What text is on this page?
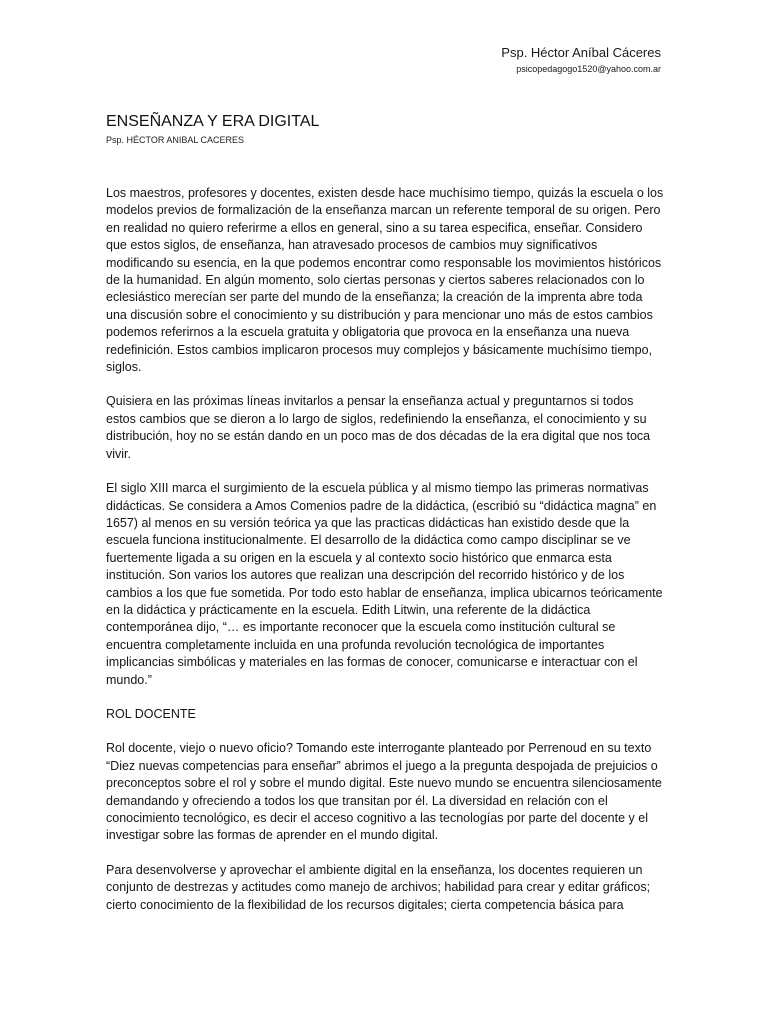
Psp. Héctor Aníbal Cáceres
psicopedagogo1520@yahoo.com.ar
ENSEÑANZA Y ERA DIGITAL
Psp. HÉCTOR ANIBAL CACERES

Los maestros, profesores y docentes, existen desde hace muchísimo tiempo, quizás la escuela o los modelos previos de formalización de la enseñanza marcan un referente temporal de su origen. Pero en realidad no quiero referirme a ellos en general, sino a su tarea especifica, enseñar. Considero que estos siglos, de enseñanza, han atravesado procesos de cambios muy significativos modificando su esencia, en la que podemos encontrar como responsable los movimientos históricos de la humanidad. En algún momento, solo ciertas personas y ciertos saberes relacionados con lo eclesiástico merecían ser parte del mundo de la enseñanza; la creación de la imprenta abre toda una discusión sobre el conocimiento y su distribución y para mencionar uno más de estos cambios podemos referirnos a la escuela gratuita y obligatoria que provoca en la enseñanza una nueva redefinición. Estos cambios implicaron procesos muy complejos y básicamente muchísimo tiempo, siglos.

Quisiera en las próximas líneas invitarlos a pensar la enseñanza actual y preguntarnos si todos estos cambios que se dieron a lo largo de siglos, redefiniendo la enseñanza, el conocimiento y su distribución, hoy no se están dando en un poco mas de dos décadas de la era digital que nos toca vivir.

El siglo XIII marca el surgimiento de la escuela pública y al mismo tiempo las primeras normativas didácticas. Se considera a Amos Comenios padre de la didáctica, (escribió su “didáctica magna” en 1657) al menos en su versión teórica ya que las practicas didácticas han existido desde que la escuela funciona institucionalmente. El desarrollo de la didáctica como campo disciplinar se ve fuertemente ligada a su origen en la escuela y al contexto socio histórico que enmarca esta institución. Son varios los autores que realizan una descripción del recorrido histórico y de los cambios a los que fue sometida. Por todo esto hablar de enseñanza, implica ubicarnos teóricamente en la didáctica y prácticamente en la escuela. Edith Litwin, una referente de la didáctica contemporánea dijo, “… es importante reconocer que la escuela como institución cultural se encuentra completamente incluida en una profunda revolución tecnológica de importantes implicancias simbólicas y materiales en las formas de conocer, comunicarse e interactuar con el mundo.”

ROL DOCENTE

Rol docente, viejo o nuevo oficio? Tomando este interrogante planteado por Perrenoud en su texto “Diez nuevas competencias para enseñar” abrimos el juego a la pregunta despojada de prejuicios o preconceptos sobre el rol y sobre el mundo digital. Este nuevo mundo se encuentra silenciosamente demandando y ofreciendo a todos los que transitan por él. La diversidad en relación con el conocimiento tecnológico, es decir el acceso cognitivo a las tecnologías por parte del docente y el investigar sobre las formas de aprender en el mundo digital.

Para desenvolverse y aprovechar el ambiente digital en la enseñanza, los docentes requieren un conjunto de destrezas y actitudes como manejo de archivos; habilidad para crear y editar gráficos; cierto conocimiento de la flexibilidad de los recursos digitales; cierta competencia básica para
